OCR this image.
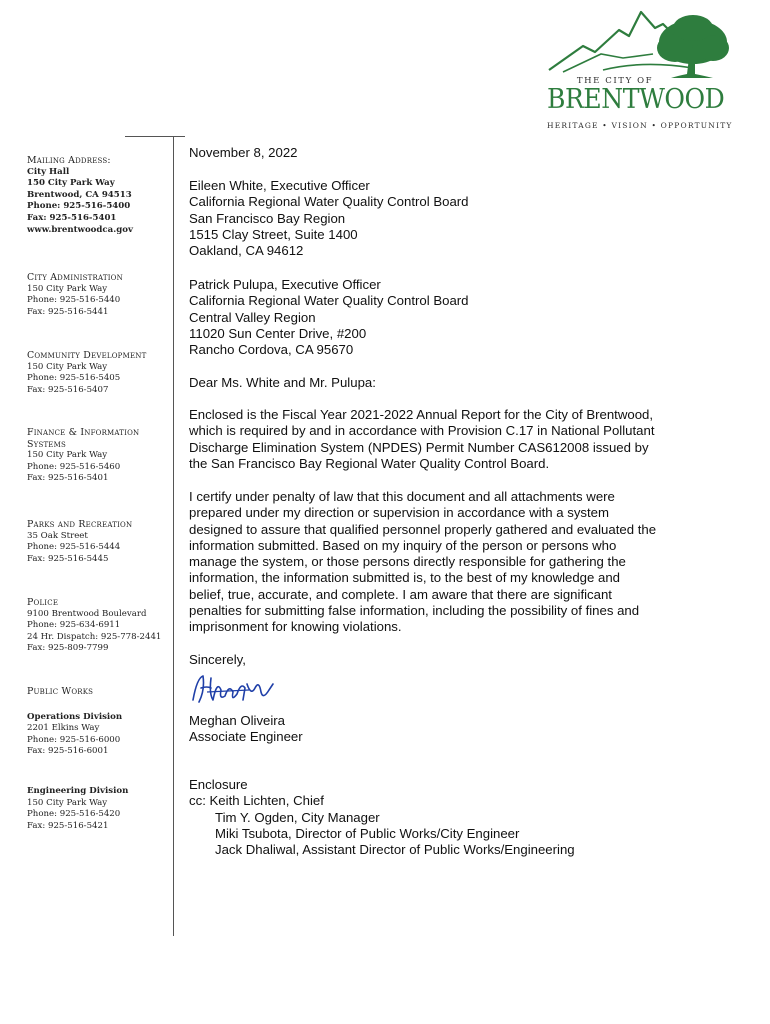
THE CITY OF
BRENTWOOD
HERITAGE • VISION • OPPORTUNITY
Mailing Address:
City Hall
150 City Park Way
Brentwood, CA 94513
Phone: 925-516-5400
Fax: 925-516-5401
www.brentwoodca.gov
City Administration
150 City Park Way
Phone: 925-516-5440
Fax: 925-516-5441
Community Development
150 City Park Way
Phone: 925-516-5405
Fax: 925-516-5407
Finance & Information Systems
150 City Park Way
Phone: 925-516-5460
Fax: 925-516-5401
Parks and Recreation
35 Oak Street
Phone: 925-516-5444
Fax: 925-516-5445
Police
9100 Brentwood Boulevard
Phone: 925-634-6911
24 Hr. Dispatch: 925-778-2441
Fax: 925-809-7799
Public Works
Operations Division
2201 Elkins Way
Phone: 925-516-6000
Fax: 925-516-6001
Engineering Division
150 City Park Way
Phone: 925-516-5420
Fax: 925-516-5421
November 8, 2022
Eileen White, Executive Officer
California Regional Water Quality Control Board
San Francisco Bay Region
1515 Clay Street, Suite 1400
Oakland, CA 94612
Patrick Pulupa, Executive Officer
California Regional Water Quality Control Board
Central Valley Region
11020 Sun Center Drive, #200
Rancho Cordova, CA 95670
Dear Ms. White and Mr. Pulupa:
Enclosed is the Fiscal Year 2021-2022 Annual Report for the City of Brentwood,
which is required by and in accordance with Provision C.17 in National Pollutant
Discharge Elimination System (NPDES) Permit Number CAS612008 issued by
the San Francisco Bay Regional Water Quality Control Board.
I certify under penalty of law that this document and all attachments were
prepared under my direction or supervision in accordance with a system
designed to assure that qualified personnel properly gathered and evaluated the
information submitted. Based on my inquiry of the person or persons who
manage the system, or those persons directly responsible for gathering the
information, the information submitted is, to the best of my knowledge and
belief, true, accurate, and complete. I am aware that there are significant
penalties for submitting false information, including the possibility of fines and
imprisonment for knowing violations.
Sincerely,
Meghan Oliveira
Associate Engineer
Enclosure
cc: Keith Lichten, Chief
Tim Y. Ogden, City Manager
Miki Tsubota, Director of Public Works/City Engineer
Jack Dhaliwal, Assistant Director of Public Works/Engineering
